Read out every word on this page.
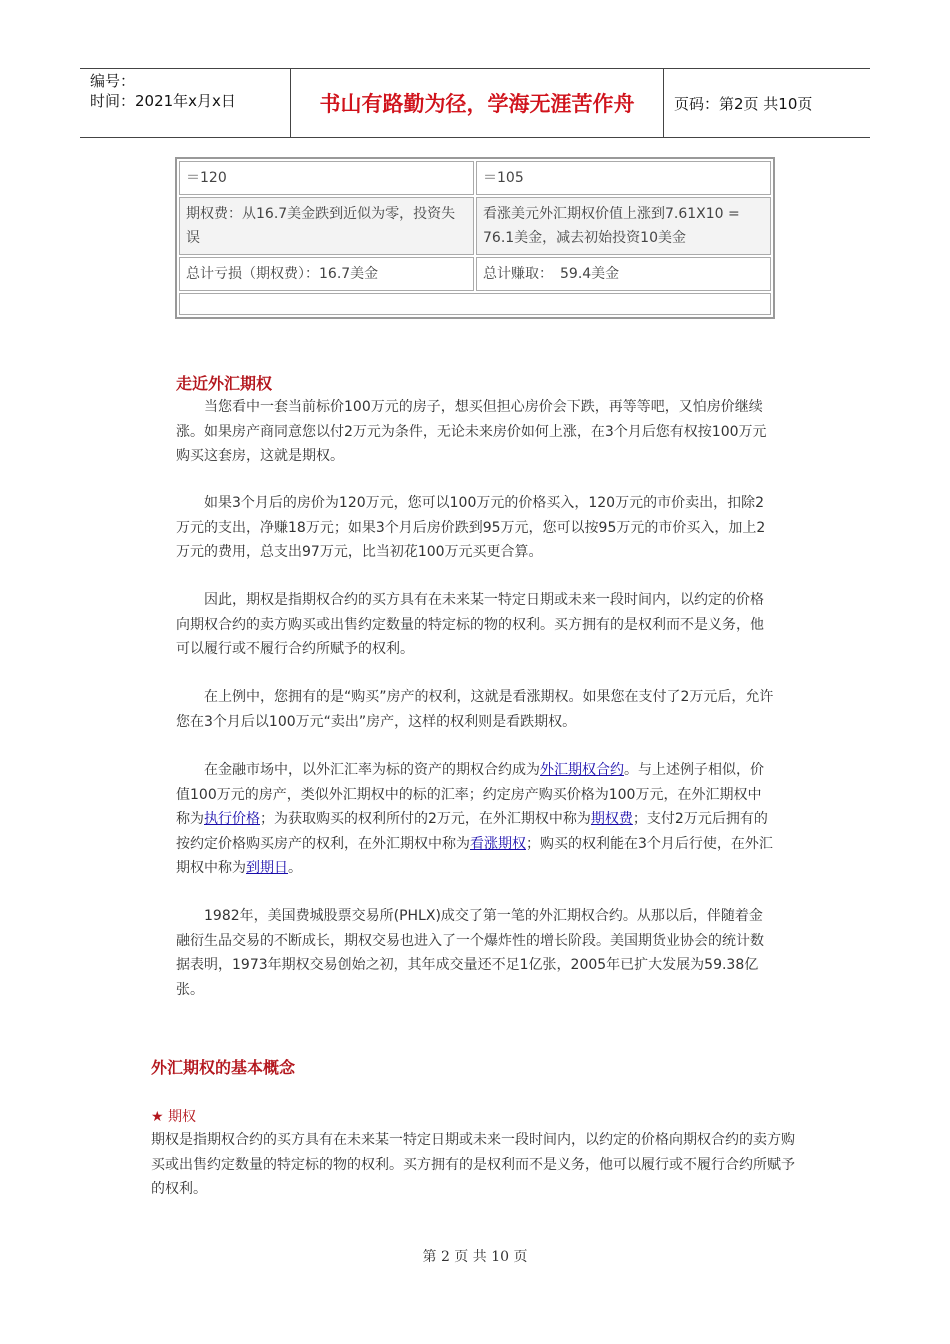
编号：
时间：2021年x月x日	书山有路勤为径，学海无涯苦作舟	页码：第2页 共10页
＝120	＝105
期权费：从16.7美金跌到近似为零，投资失误	看涨美元外汇期权价值上涨到7.61X10 = 76.1美金，减去初始投资10美金
总计亏损（期权费）：16.7美金	总计赚取：　59.4美金

走近外汇期权
当您看中一套当前标价100万元的房子，想买但担心房价会下跌，再等等吧，又怕房价继续涨。如果房产商同意您以付2万元为条件，无论未来房价如何上涨，在3个月后您有权按100万元购买这套房，这就是期权。
如果3个月后的房价为120万元，您可以100万元的价格买入，120万元的市价卖出，扣除2万元的支出，净赚18万元；如果3个月后房价跌到95万元，您可以按95万元的市价买入，加上2万元的费用，总支出97万元，比当初花100万元买更合算。
因此，期权是指期权合约的买方具有在未来某一特定日期或未来一段时间内，以约定的价格向期权合约的卖方购买或出售约定数量的特定标的物的权利。买方拥有的是权利而不是义务，他可以履行或不履行合约所赋予的权利。
在上例中，您拥有的是“购买”房产的权利，这就是看涨期权。如果您在支付了2万元后，允许您在3个月后以100万元“卖出”房产，这样的权利则是看跌期权。
在金融市场中，以外汇汇率为标的资产的期权合约成为外汇期权合约。与上述例子相似，价值100万元的房产，类似外汇期权中的标的汇率；约定房产购买价格为100万元，在外汇期权中称为执行价格；为获取购买的权利所付的2万元，在外汇期权中称为期权费；支付2万元后拥有的按约定价格购买房产的权利，在外汇期权中称为看涨期权；购买的权利能在3个月后行使，在外汇期权中称为到期日。
1982年，美国费城股票交易所(PHLX)成交了第一笔的外汇期权合约。从那以后，伴随着金融衍生品交易的不断成长，期权交易也进入了一个爆炸性的增长阶段。美国期货业协会的统计数据表明，1973年期权交易创始之初，其年成交量还不足1亿张，2005年已扩大发展为59.38亿张。
外汇期权的基本概念
★ 期权
期权是指期权合约的买方具有在未来某一特定日期或未来一段时间内，以约定的价格向期权合约的卖方购买或出售约定数量的特定标的物的权利。买方拥有的是权利而不是义务，他可以履行或不履行合约所赋予的权利。
第 2 页 共 10 页
